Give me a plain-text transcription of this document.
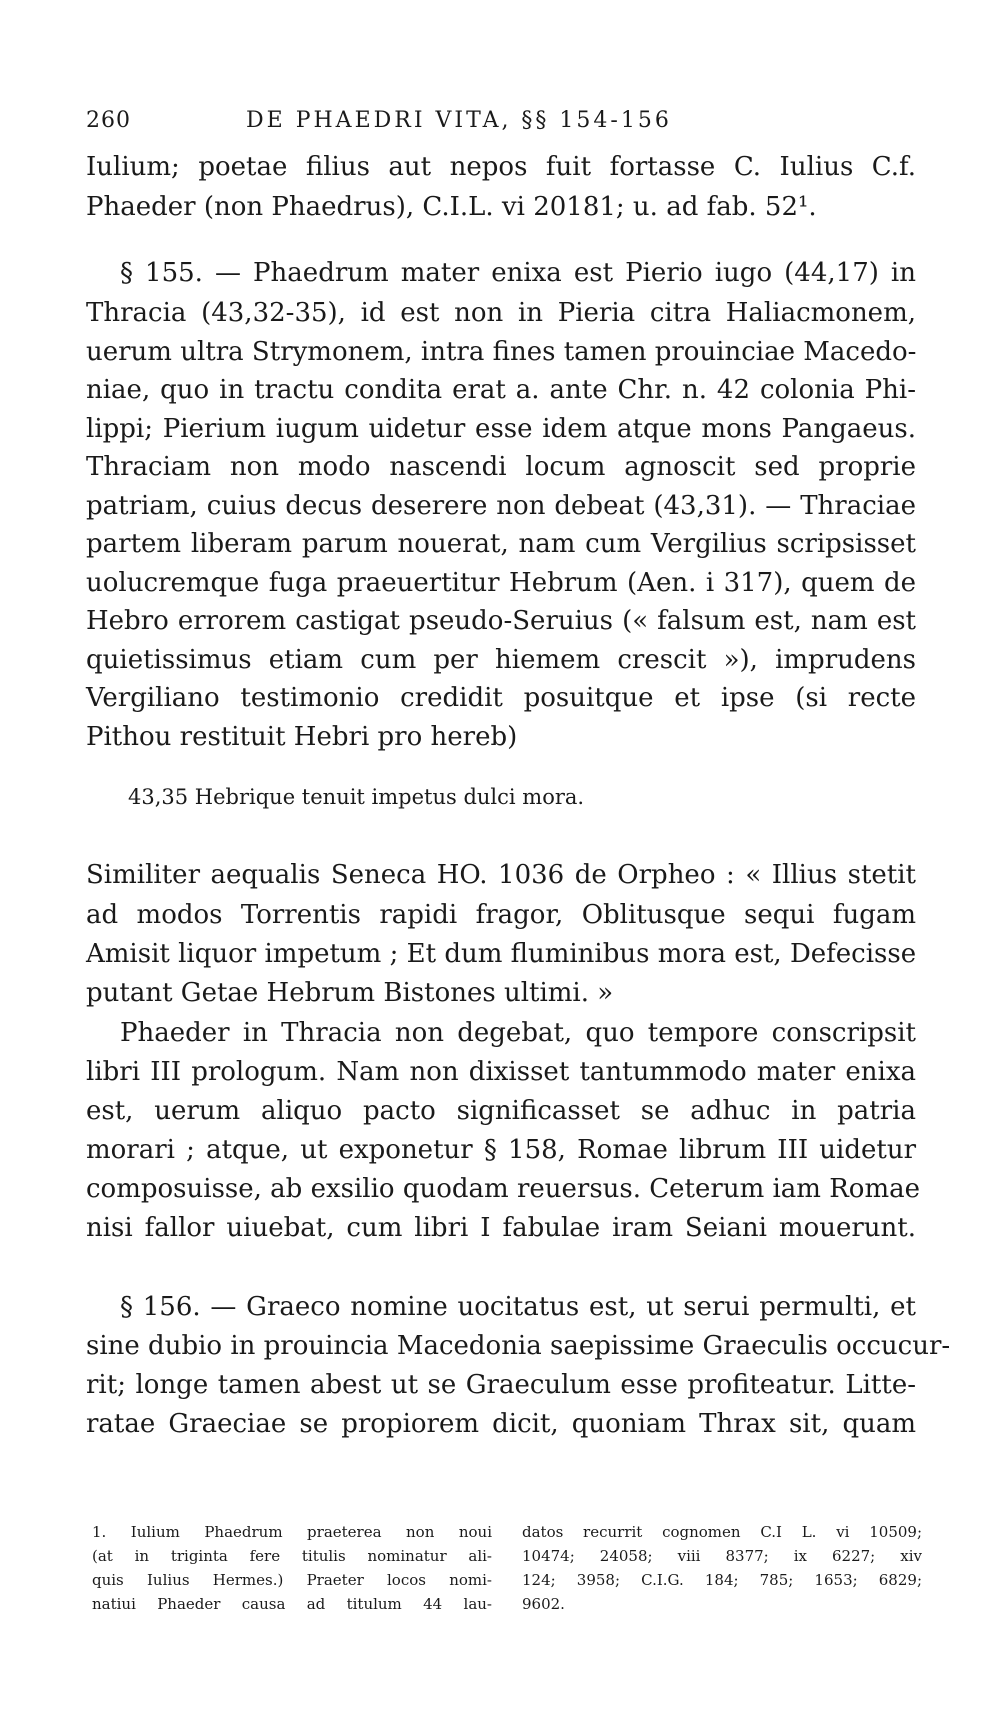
260	DE PHAEDRI VITA, §§ 154-156
Iulium; poetae filius aut nepos fuit fortasse C. Iulius C.f.
Phaeder (non Phaedrus), C.I.L. vi 20181; u. ad fab. 52¹.
§ 155. — Phaedrum mater enixa est Pierio iugo (44,17) in
Thracia (43,32-35), id est non in Pieria citra Haliacmonem,
uerum ultra Strymonem, intra fines tamen prouinciae Macedo-
niae, quo in tractu condita erat a. ante Chr. n. 42 colonia Phi-
lippi; Pierium iugum uidetur esse idem atque mons Pangaeus.
Thraciam non modo nascendi locum agnoscit sed proprie
patriam, cuius decus deserere non debeat (43,31). — Thraciae
partem liberam parum nouerat, nam cum Vergilius scripsisset
uolucremque fuga praeuertitur Hebrum (Aen. i 317), quem de
Hebro errorem castigat pseudo-Seruius (« falsum est, nam est
quietissimus etiam cum per hiemem crescit »), imprudens
Vergiliano testimonio credidit posuitque et ipse (si recte
Pithou restituit Hebri pro hereb)
43,35 Hebrique tenuit impetus dulci mora.
Similiter aequalis Seneca HO. 1036 de Orpheo : « Illius stetit
ad modos Torrentis rapidi fragor, Oblitusque sequi fugam
Amisit liquor impetum ; Et dum fluminibus mora est, Defecisse
putant Getae Hebrum Bistones ultimi. »
Phaeder in Thracia non degebat, quo tempore conscripsit
libri III prologum. Nam non dixisset tantummodo mater enixa
est, uerum aliquo pacto significasset se adhuc in patria
morari ; atque, ut exponetur § 158, Romae librum III uidetur
composuisse, ab exsilio quodam reuersus. Ceterum iam Romae
nisi fallor uiuebat, cum libri I fabulae iram Seiani mouerunt.
§ 156. — Graeco nomine uocitatus est, ut serui permulti, et
sine dubio in prouincia Macedonia saepissime Graeculis occucur-
rit; longe tamen abest ut se Graeculum esse profiteatur. Litte-
ratae Graeciae se propiorem dicit, quoniam Thrax sit, quam
1. Iulium Phaedrum praeterea non noui
(at in triginta fere titulis nominatur ali-
quis Iulius Hermes.) Praeter locos nomi-
natiui Phaeder causa ad titulum 44 lau-
datos recurrit cognomen C.I L. vi 10509;
10474; 24058; viii 8377; ix 6227; xiv
124; 3958; C.I.G. 184; 785; 1653; 6829;
9602.
